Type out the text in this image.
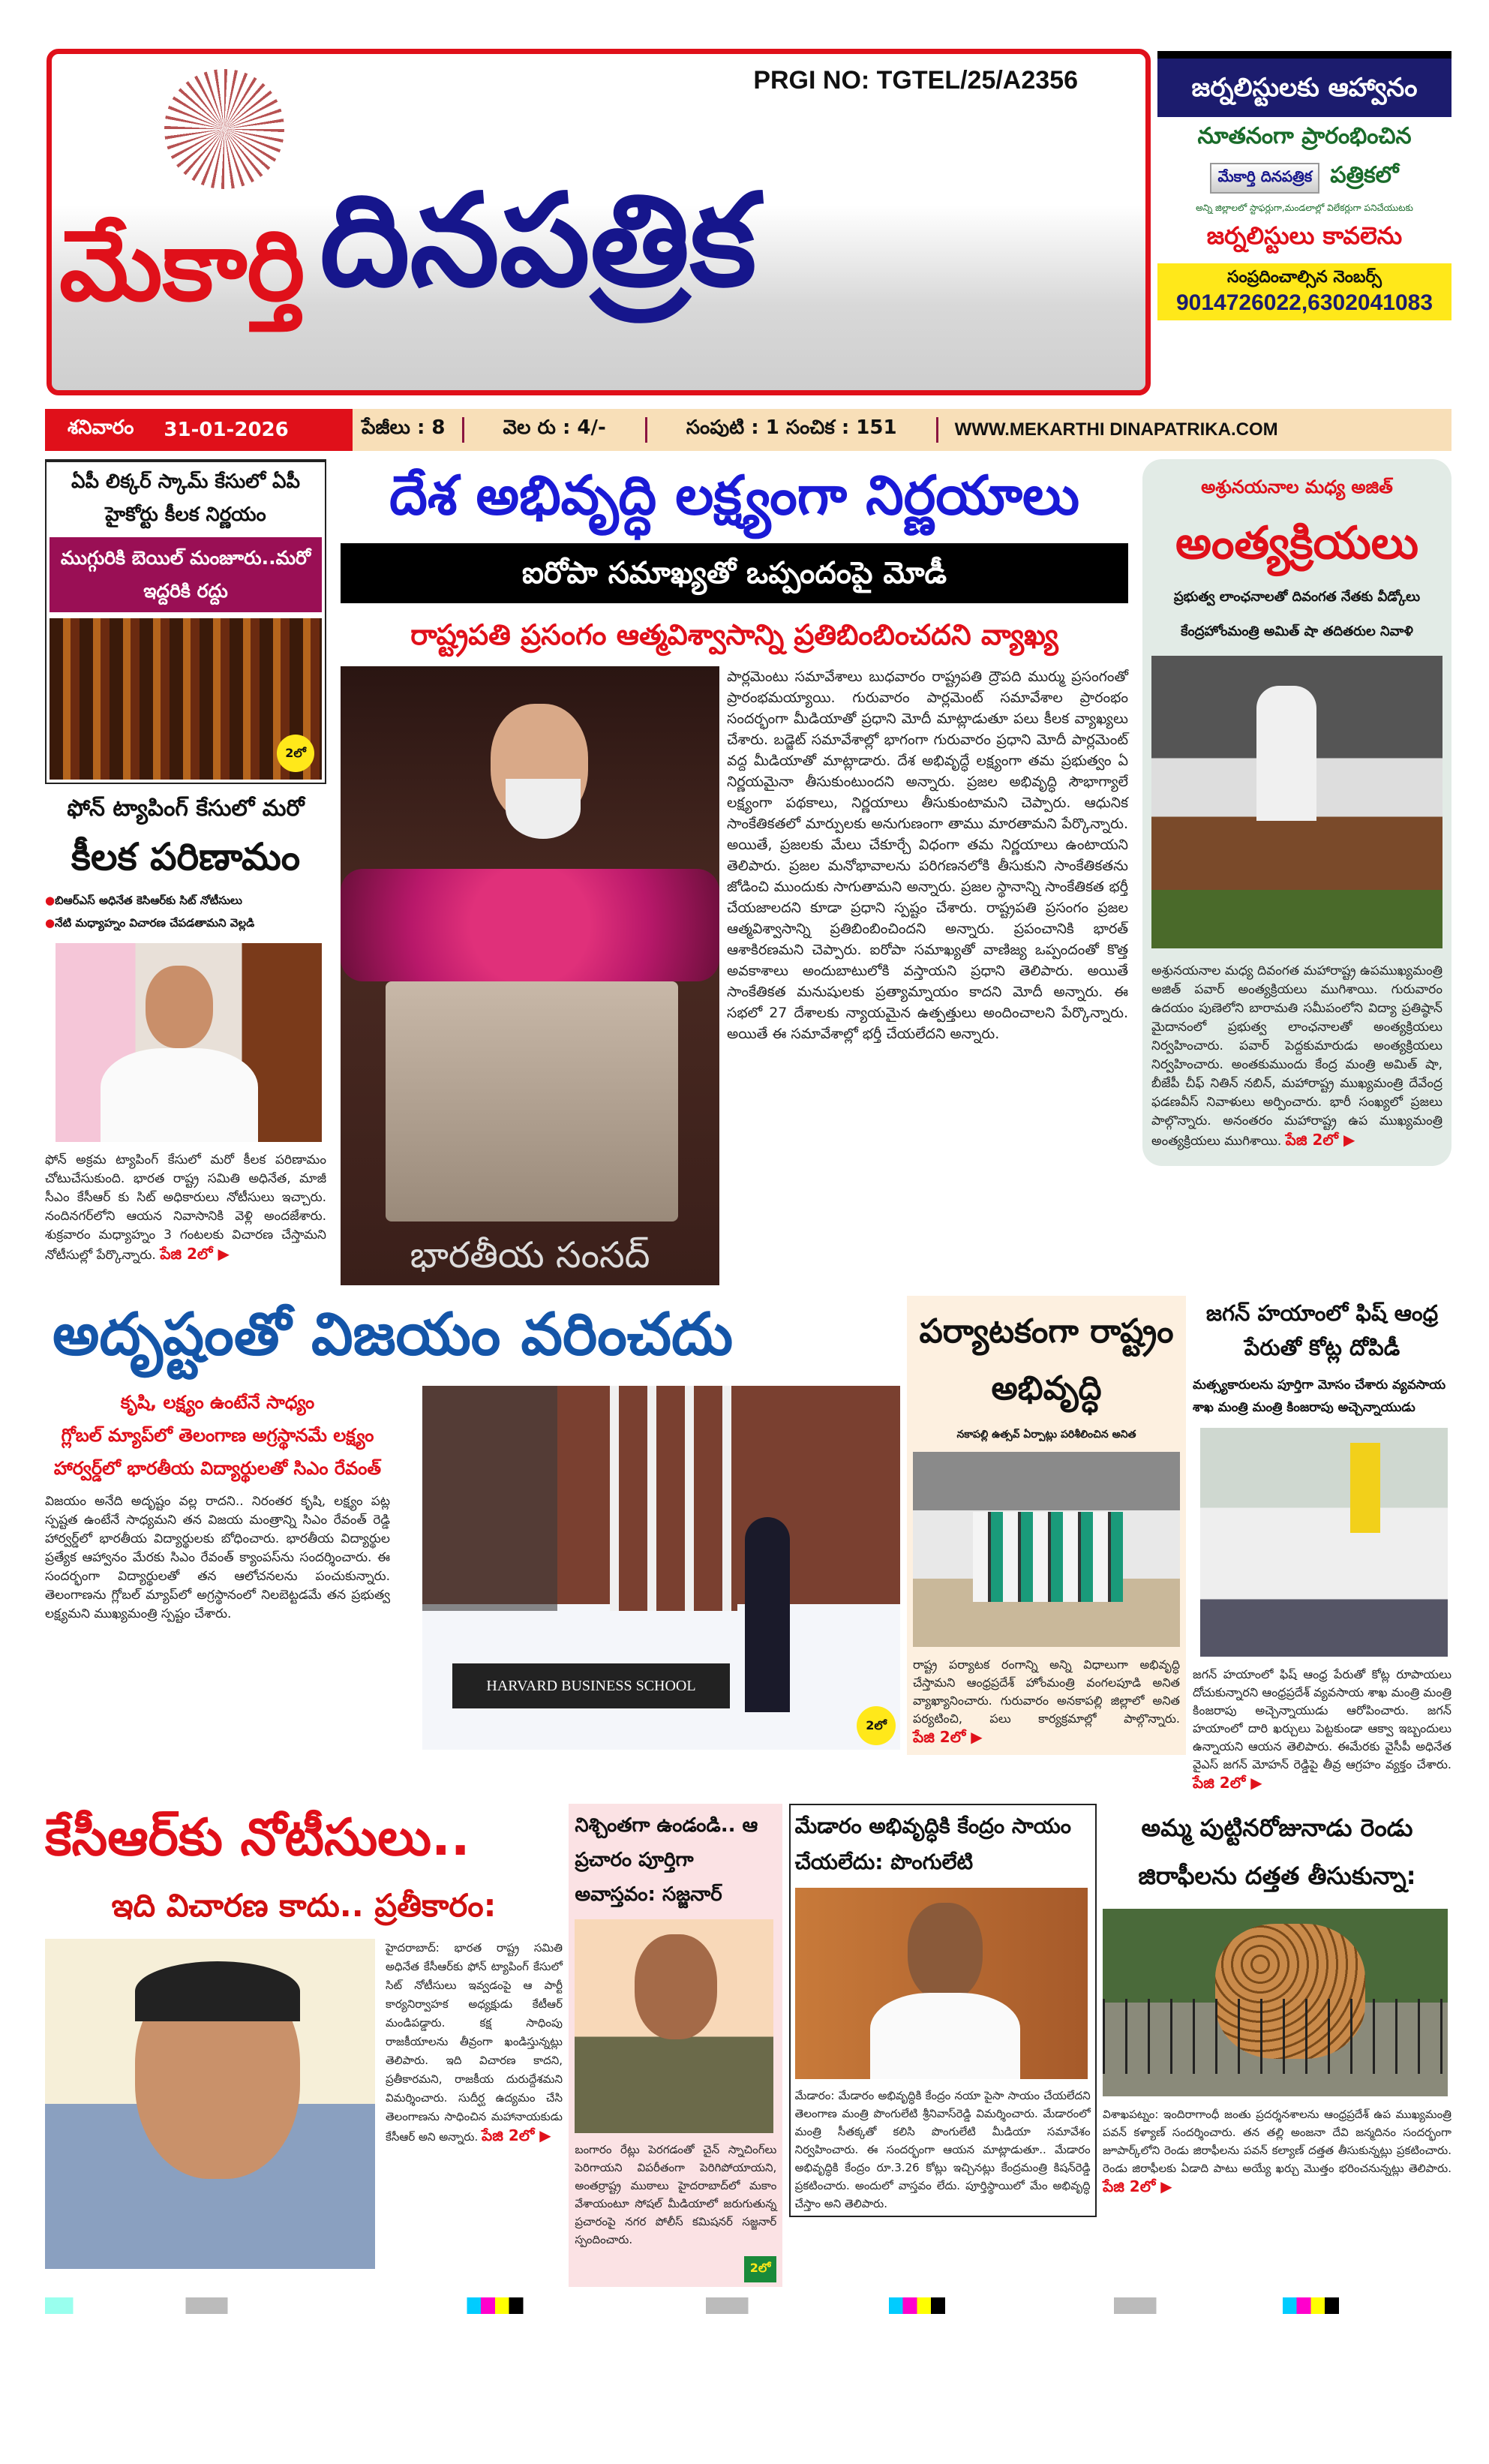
PRGI NO: TGTEL/25/A2356
మేకార్తి దినపత్రిక
జర్నలిస్టులకు ఆహ్వానం
నూతనంగా ప్రారంభించిన
మేకార్తి దినపత్రిక పత్రికలో
అన్ని జిల్లాలలో స్టాఫర్లుగా,మండలాల్లో విలేకర్లుగా పనిచేయుటకు
జర్నలిస్టులు కావలెను
సంప్రదించాల్సిన నెంబర్స్
9014726022,6302041083
శనివారం 31-01-2026	పేజీలు : 8	వెల రు : 4/-	సంపుటి : 1 సంచిక : 151	WWW.MEKARTHI DINAPATRIKA.COM
ఏపీ లిక్కర్ స్కామ్ కేసులో ఏపీ హైకోర్టు కీలక నిర్ణయం
ముగ్గురికి బెయిల్ మంజూరు..మరో ఇద్దరికి రద్దు
2లో
ఫోన్ ట్యాపింగ్ కేసులో మరో
కీలక పరిణామం
●బిఆర్ఎస్ అధినేత కెసిఆర్‌కు సిట్ నోటీసులు
●నేటి మధ్యాహ్నం విచారణ చేపడతామని వెల్లడి
ఫోన్ అక్రమ ట్యాపింగ్ కేసులో మరో కీలక పరిణామం చోటుచేసుకుంది. భారత రాష్ట్ర సమితి అధినేత, మాజీ సీఎం కేసీఆర్ కు సిట్ అధికారులు నోటీసులు ఇచ్చారు. నందినగర్‌లోని ఆయన నివాసానికి వెళ్లి అందజేశారు. శుక్రవారం మధ్యాహ్నం 3 గంటలకు విచారణ చేస్తామని నోటీసుల్లో పేర్కొన్నారు. పేజి 2లో ▶
దేశ అభివృద్ధి లక్ష్యంగా నిర్ణయాలు
ఐరోపా సమాఖ్యతో ఒప్పందంపై మోడీ
రాష్ట్రపతి ప్రసంగం ఆత్మవిశ్వాసాన్ని ప్రతిబింబించదని వ్యాఖ్య
భారతీయ సంసద్
పార్లమెంటు సమావేశాలు బుధవారం రాష్ట్రపతి ద్రౌపది ముర్ము ప్రసంగంతో ప్రారంభమయ్యాయి. గురువారం పార్లమెంట్ సమావేశాల ప్రారంభం సందర్భంగా మీడియాతో ప్రధాని మోదీ మాట్లాడుతూ పలు కీలక వ్యాఖ్యలు చేశారు. బడ్జెట్ సమావేశాల్లో భాగంగా గురువారం ప్రధాని మోదీ పార్లమెంట్ వద్ద మీడియాతో మాట్లాడారు. దేశ అభివృద్ధే లక్ష్యంగా తమ ప్రభుత్వం ఏ నిర్ణయమైనా తీసుకుంటుందని అన్నారు. ప్రజల అభివృద్ధి సౌభాగ్యాలే లక్ష్యంగా పథకాలు, నిర్ణయాలు తీసుకుంటామని చెప్పారు. ఆధునిక సాంకేతికతలో మార్పులకు అనుగుణంగా తాము మారతామని పేర్కొన్నారు. అయితే, ప్రజలకు మేలు చేకూర్చే విధంగా తమ నిర్ణయాలు ఉంటాయని తెలిపారు. ప్రజల మనోభావాలను పరిగణనలోకి తీసుకుని సాంకేతికతను జోడించి ముందుకు సాగుతామని అన్నారు. ప్రజల స్థానాన్ని సాంకేతికత భర్తీ చేయజాలదని కూడా ప్రధాని స్పష్టం చేశారు. రాష్ట్రపతి ప్రసంగం ప్రజల ఆత్మవిశ్వాసాన్ని ప్రతిబింబించిందని అన్నారు. ప్రపంచానికి భారత్ ఆశాకిరణమని చెప్పారు. ఐరోపా సమాఖ్యతో వాణిజ్య ఒప్పందంతో కొత్త అవకాశాలు అందుబాటులోకి వస్తాయని ప్రధాని తెలిపారు. అయితే సాంకేతికత మనుషులకు ప్రత్యామ్నాయం కాదని మోదీ అన్నారు. ఈ సభలో 27 దేశాలకు న్యాయమైన ఉత్పత్తులు అందించాలని పేర్కొన్నారు. అయితే ఈ సమావేశాల్లో భర్తీ చేయలేదని అన్నారు.
అశ్రునయనాల మధ్య అజిత్
అంత్యక్రియలు
ప్రభుత్వ లాంఛనాలతో దివంగత నేతకు వీడ్కోలు
కేంద్రహోంమంత్రి అమిత్ షా తదితరుల నివాళి
అశ్రునయనాల మధ్య దివంగత మహారాష్ట్ర ఉపముఖ్యమంత్రి అజిత్ పవార్ అంత్యక్రియలు ముగిశాయి. గురువారం ఉదయం పుణెలోని బారామతి సమీపంలోని విద్యా ప్రతిష్ఠాన్ మైదానంలో ప్రభుత్వ లాంఛనాలతో అంత్యక్రియలు నిర్వహించారు. పవార్ పెద్దకుమారుడు అంత్యక్రియలు నిర్వహించారు. అంతకుముందు కేంద్ర మంత్రి అమిత్ షా, బీజేపీ చీఫ్ నితిన్ నబిన్, మహారాష్ట్ర ముఖ్యమంత్రి దేవేంద్ర ఫడణవీస్ నివాళులు అర్పించారు. భారీ సంఖ్యలో ప్రజలు పాల్గొన్నారు. అనంతరం మహారాష్ట్ర ఉప ముఖ్యమంత్రి అంత్యక్రియలు ముగిశాయి. పేజి 2లో ▶
అదృష్టంతో విజయం వరించదు
కృషి, లక్ష్యం ఉంటేనే సాధ్యం
గ్లోబల్ మ్యాప్‌లో తెలంగాణ అగ్రస్థానమే లక్ష్యం
హార్వర్డ్‌లో భారతీయ విద్యార్థులతో సిఎం రేవంత్
విజయం అనేది అదృష్టం వల్ల రాదని.. నిరంతర కృషి, లక్ష్యం పట్ల స్పష్టత ఉంటేనే సాధ్యమని తన విజయ మంత్రాన్ని సిఎం రేవంత్ రెడ్డి హార్వర్డ్‌లో భారతీయ విద్యార్థులకు బోధించారు. భారతీయ విద్యార్థుల ప్రత్యేక ఆహ్వానం మేరకు సిఎం రేవంత్ క్యాంపస్‌ను సందర్శించారు. ఈ సందర్భంగా విద్యార్థులతో తన ఆలోచనలను పంచుకున్నారు. తెలంగాణను గ్లోబల్ మ్యాప్‌లో అగ్రస్థానంలో నిలబెట్టడమే తన ప్రభుత్వ లక్ష్యమని ముఖ్యమంత్రి స్పష్టం చేశారు.
HARVARD BUSINESS SCHOOL
2లో
పర్యాటకంగా రాష్ట్రం అభివృద్ధి
నకాపల్లి ఉత్సవ్ ఏర్పాట్లు పరిశీలించిన అనిత
రాష్ట్ర పర్యాటక రంగాన్ని అన్ని విధాలుగా అభివృద్ధి చేస్తామని ఆంధ్రప్రదేశ్ హోంమంత్రి వంగలపూడి అనిత వ్యాఖ్యానించారు. గురువారం అనకాపల్లి జిల్లాలో అనిత పర్యటించి, పలు కార్యక్రమాల్లో పాల్గొన్నారు. పేజి 2లో ▶
జగన్ హయాంలో ఫిష్ ఆంధ్ర పేరుతో కోట్ల దోపిడీ
మత్స్యకారులను పూర్తిగా మోసం చేశారు వ్యవసాయ శాఖ మంత్రి మంత్రి కింజరాపు అచ్చెన్నాయుడు
జగన్ హయాంలో ఫిష్ ఆంధ్ర పేరుతో కోట్ల రూపాయలు దోచుకున్నారని ఆంధ్రప్రదేశ్ వ్యవసాయ శాఖ మంత్రి మంత్రి కింజరాపు అచ్చెన్నాయుడు ఆరోపించారు. జగన్ హయాంలో దారి ఖర్చులు పెట్టకుండా ఆక్వా ఇబ్బందులు ఉన్నాయని ఆయన తెలిపారు. ఈమేరకు వైసీపీ అధినేత వైఎస్ జగన్ మోహన్ రెడ్డిపై తీవ్ర ఆగ్రహం వ్యక్తం చేశారు. పేజి 2లో ▶
కేసీఆర్‌కు నోటీసులు..
ఇది విచారణ కాదు.. ప్రతీకారం:
హైదరాబాద్: భారత రాష్ట్ర సమితి అధినేత కేసీఆర్‌కు ఫోన్ ట్యాపింగ్ కేసులో సిట్ నోటీసులు ఇవ్వడంపై ఆ పార్టీ కార్యనిర్వాహక అధ్యక్షుడు కేటీఆర్ మండిపడ్డారు. కక్ష సాధింపు రాజకీయాలను తీవ్రంగా ఖండిస్తున్నట్లు తెలిపారు. ఇది విచారణ కాదని, ప్రతీకారమని, రాజకీయ దురుద్దేశమని విమర్శించారు. సుదీర్ఘ ఉద్యమం చేసి తెలంగాణను సాధించిన మహానాయకుడు కేసీఆర్ అని అన్నారు. పేజి 2లో ▶
నిశ్చింతగా ఉండండి.. ఆ ప్రచారం పూర్తిగా అవాస్తవం: సజ్జనార్
బంగారం రేట్లు పెరగడంతో చైన్ స్నాచింగ్‌లు పెరిగాయని విపరీతంగా పెరిగిపోయాయని, అంతర్రాష్ట్ర ముఠాలు హైదరాబాద్‌లో మకాం వేశాయంటూ సోషల్ మీడియాలో జరుగుతున్న ప్రచారంపై నగర పోలీస్ కమిషనర్ సజ్జనార్ స్పందించారు.
2లో
మేడారం అభివృద్ధికి కేంద్రం సాయం చేయలేదు: పొంగులేటి
మేడారం: మేడారం అభివృద్ధికి కేంద్రం నయా పైసా సాయం చేయలేదని తెలంగాణ మంత్రి పొంగులేటి శ్రీనివాస్‌రెడ్డి విమర్శించారు. మేడారంలో మంత్రి సీతక్కతో కలిసి పొంగులేటి మీడియా సమావేశం నిర్వహించారు. ఈ సందర్భంగా ఆయన మాట్లాడుతూ.. మేడారం అభివృద్ధికి కేంద్రం రూ.3.26 కోట్లు ఇచ్చినట్లు కేంద్రమంత్రి కిషన్‌రెడ్డి ప్రకటించారు. అందులో వాస్తవం లేదు. పూర్తిస్థాయిలో మేం అభివృద్ధి చేస్తాం అని తెలిపారు.
అమ్మ పుట్టినరోజునాడు రెండు జిరాఫీలను దత్తత తీసుకున్నా:
విశాఖపట్నం: ఇందిరాగాంధీ జంతు ప్రదర్శనశాలను ఆంధ్రప్రదేశ్ ఉప ముఖ్యమంత్రి పవన్ కళ్యాణ్ సందర్శించారు. తన తల్లి అంజనా దేవి జన్మదినం సందర్భంగా జూపార్క్‌లోని రెండు జిరాఫీలను పవన్ కల్యాణ్ దత్తత తీసుకున్నట్లు ప్రకటించారు. రెండు జిరాఫీలకు ఏడాది పాటు అయ్యే ఖర్చు మొత్తం భరించనున్నట్లు తెలిపారు. పేజి 2లో ▶
